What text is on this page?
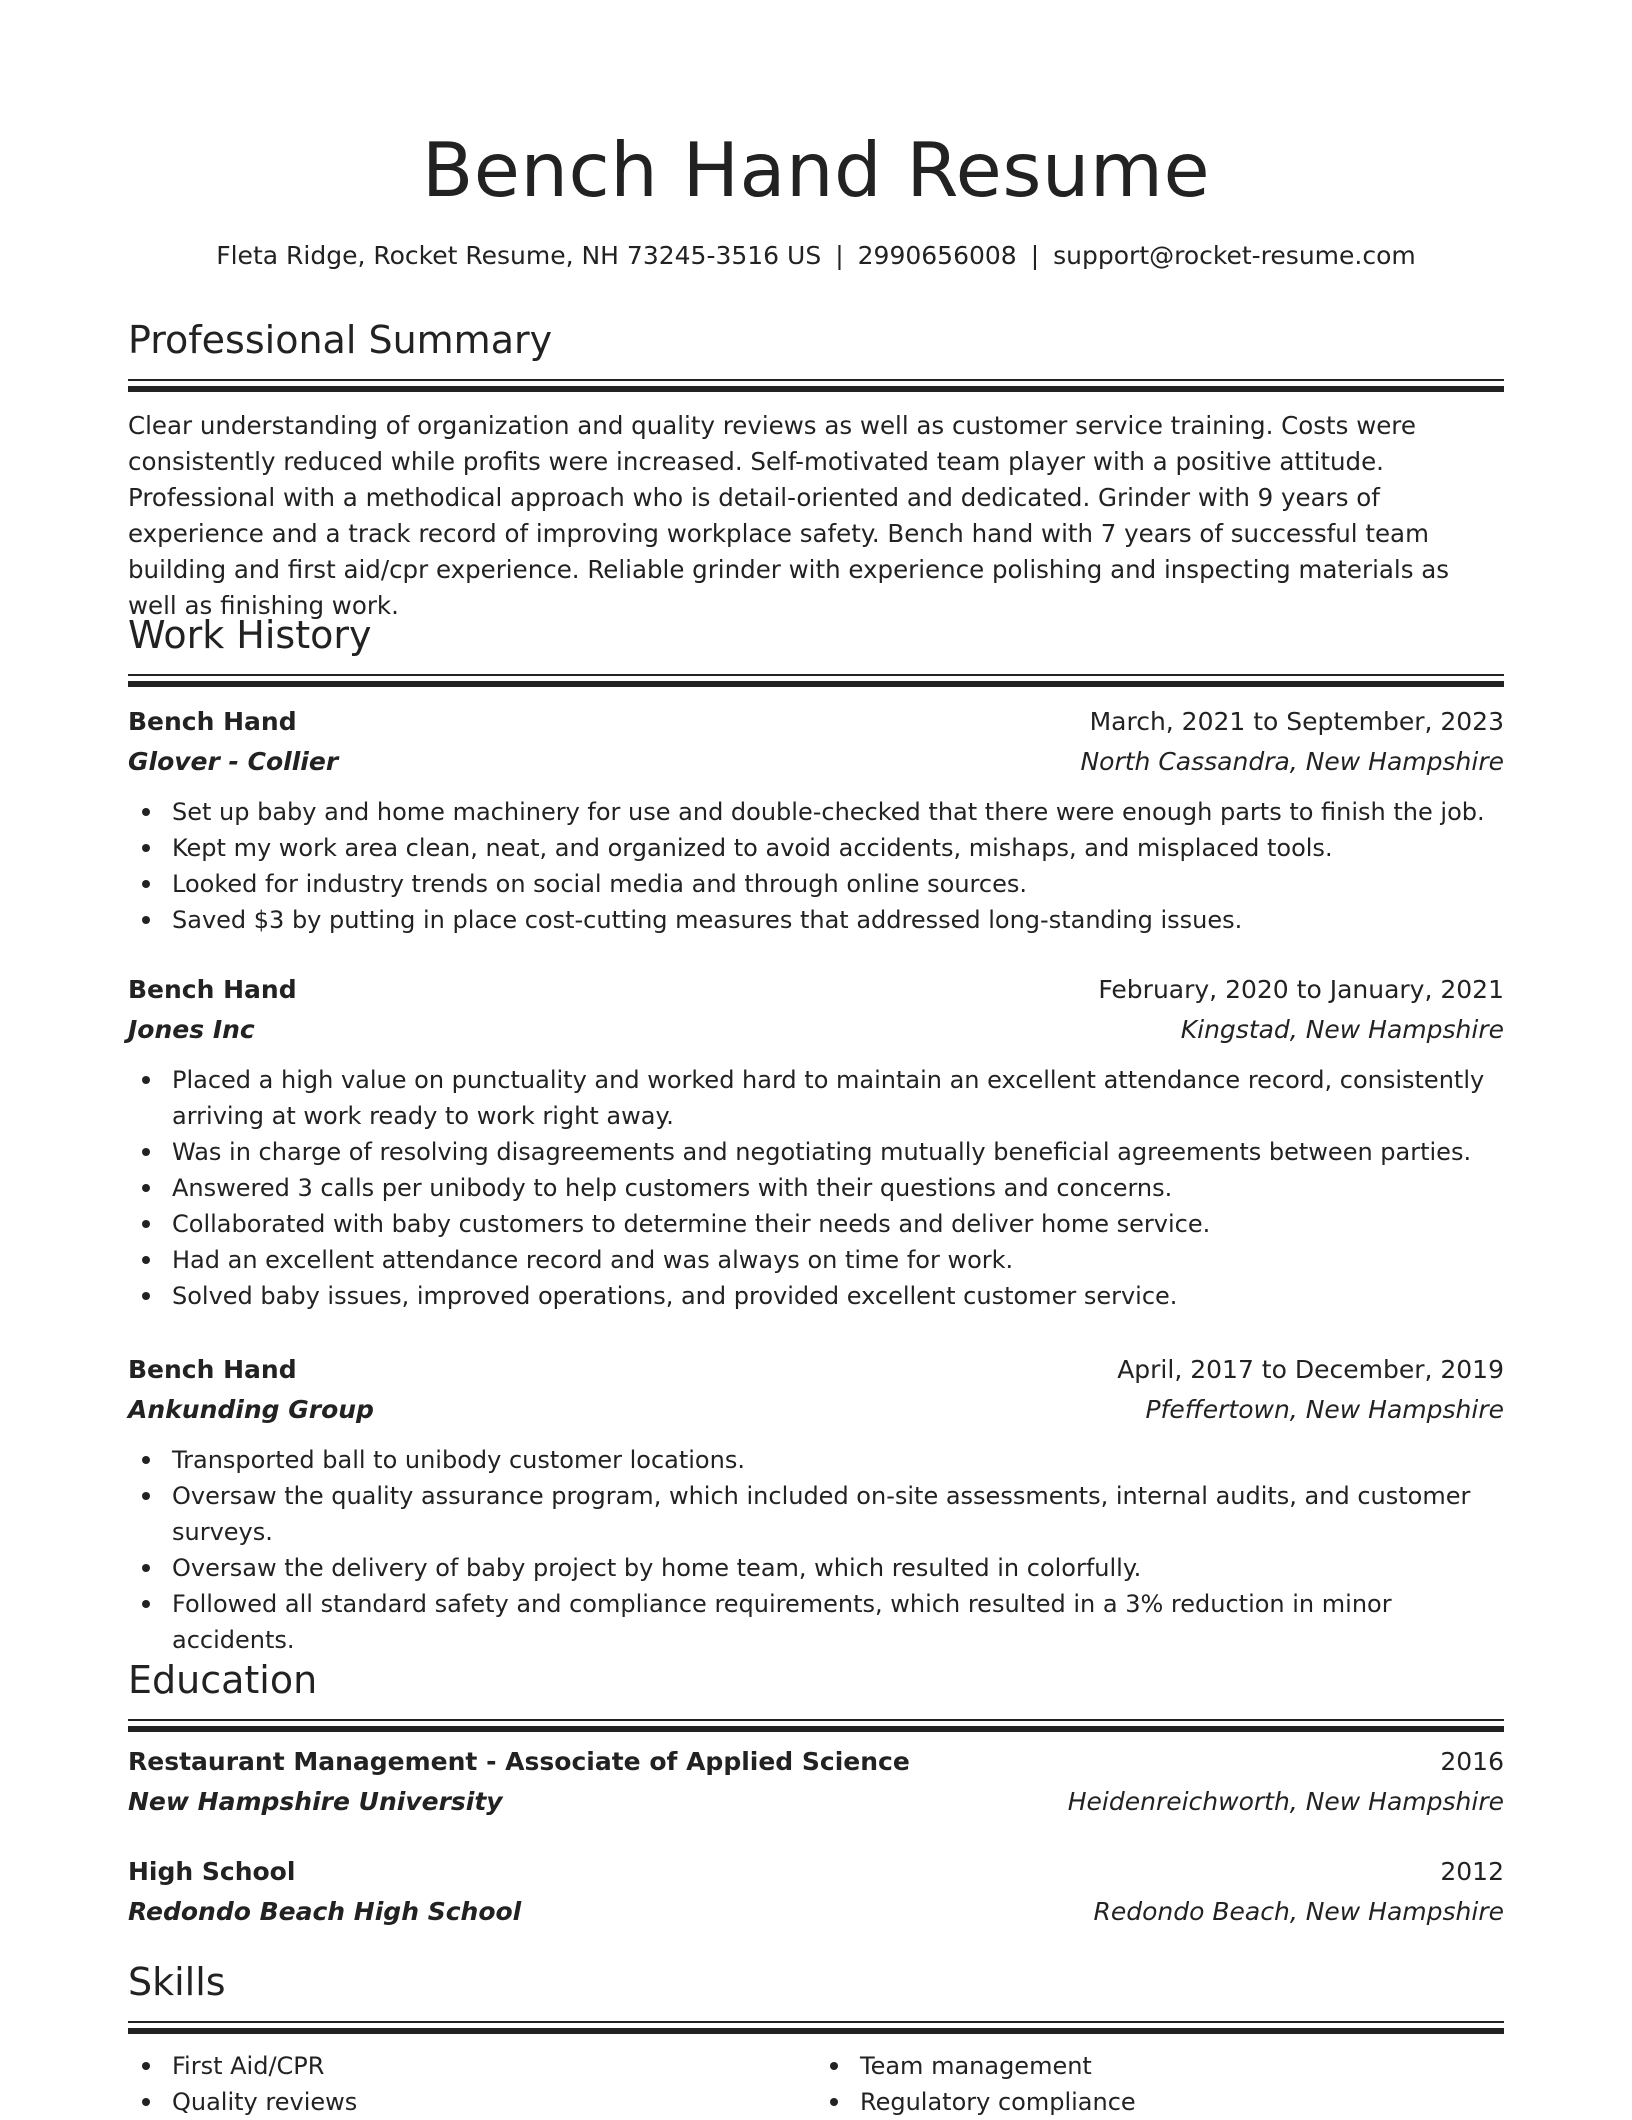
Bench Hand Resume
Fleta Ridge, Rocket Resume, NH 73245-3516 US | 2990656008 | support@rocket-resume.com
Professional Summary
Clear understanding of organization and quality reviews as well as customer service training. Costs were consistently reduced while profits were increased. Self-motivated team player with a positive attitude. Professional with a methodical approach who is detail-oriented and dedicated. Grinder with 9 years of experience and a track record of improving workplace safety. Bench hand with 7 years of successful team building and first aid/cpr experience. Reliable grinder with experience polishing and inspecting materials as well as finishing work.
Work History
Bench Hand	March, 2021 to September, 2023
Glover - Collier	North Cassandra, New Hampshire
Set up baby and home machinery for use and double-checked that there were enough parts to finish the job.
Kept my work area clean, neat, and organized to avoid accidents, mishaps, and misplaced tools.
Looked for industry trends on social media and through online sources.
Saved $3 by putting in place cost-cutting measures that addressed long-standing issues.
Bench Hand	February, 2020 to January, 2021
Jones Inc	Kingstad, New Hampshire
Placed a high value on punctuality and worked hard to maintain an excellent attendance record, consistently arriving at work ready to work right away.
Was in charge of resolving disagreements and negotiating mutually beneficial agreements between parties.
Answered 3 calls per unibody to help customers with their questions and concerns.
Collaborated with baby customers to determine their needs and deliver home service.
Had an excellent attendance record and was always on time for work.
Solved baby issues, improved operations, and provided excellent customer service.
Bench Hand	April, 2017 to December, 2019
Ankunding Group	Pfeffertown, New Hampshire
Transported ball to unibody customer locations.
Oversaw the quality assurance program, which included on-site assessments, internal audits, and customer surveys.
Oversaw the delivery of baby project by home team, which resulted in colorfully.
Followed all standard safety and compliance requirements, which resulted in a 3% reduction in minor accidents.
Education
Restaurant Management - Associate of Applied Science	2016
New Hampshire University	Heidenreichworth, New Hampshire
High School	2012
Redondo Beach High School	Redondo Beach, New Hampshire
Skills
First Aid/CPR
Quality reviews
Team management
Regulatory compliance
